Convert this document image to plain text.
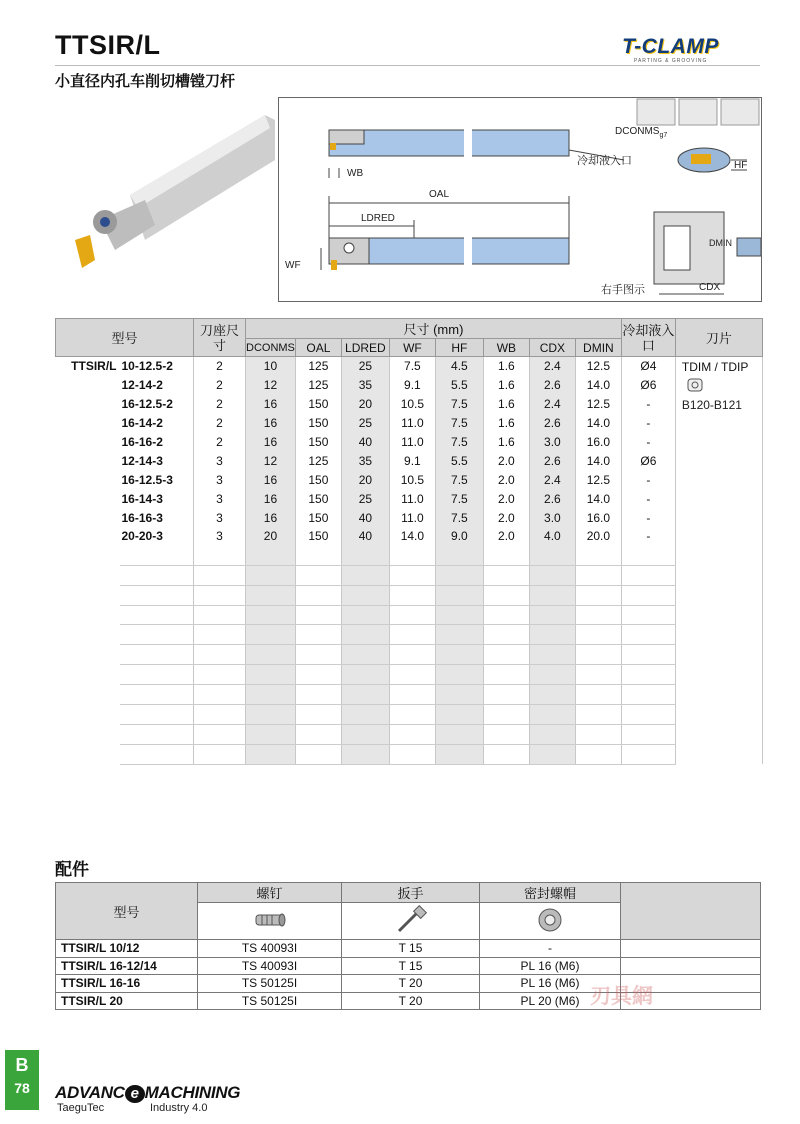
TTSIR/L
小直径内孔车削切槽镗刀杆
T-CLAMP
PARTING & GROOVING
WB
OAL
LDRED
WF
$DCONMS_{g7}$
冷却液入口	HF
DMIN
CDX
右手图示
型号		刀座尺寸	尺寸 (mm)								冷却液入口	刀片
			DCONMS	OAL	LDRED	WF	HF	WB	CDX	DMIN		
TTSIR/L	10-12.5-2	2	10	125	25	7.5	4.5	1.6	2.4	12.5	Ø4	TDIM / TDIP
B120-B121

	12-14-2	2	12	125	35	9.1	5.5	1.6	2.6	14.0	Ø6	
	16-12.5-2	2	16	150	20	10.5	7.5	1.6	2.4	12.5	-	
	16-14-2	2	16	150	25	11.0	7.5	1.6	2.6	14.0	-	
	16-16-2	2	16	150	40	11.0	7.5	1.6	3.0	16.0	-	
	12-14-3	3	12	125	35	9.1	5.5	2.0	2.6	14.0	Ø6	
	16-12.5-3	3	16	150	20	10.5	7.5	2.0	2.4	12.5	-	
	16-14-3	3	16	150	25	11.0	7.5	2.0	2.6	14.0	-	
	16-16-3	3	16	150	40	11.0	7.5	2.0	3.0	16.0	-	
	20-20-3	3	20	150	40	14.0	9.0	2.0	4.0	20.0	-	

配件
型号	螺钉	扳手	密封螺帽	

TTSIR/L 10/12	TS 40093I	T 15	-	
TTSIR/L 16-12/14	TS 40093I	T 15	PL 16 (M6)	
TTSIR/L 16-16	TS 50125I	T 20	PL 16 (M6)	
TTSIR/L 20	TS 50125I	T 20	PL 20 (M6)	刃具網
B
78	ADVANC e MACHINING
TaeguTec	Industry 4.0
